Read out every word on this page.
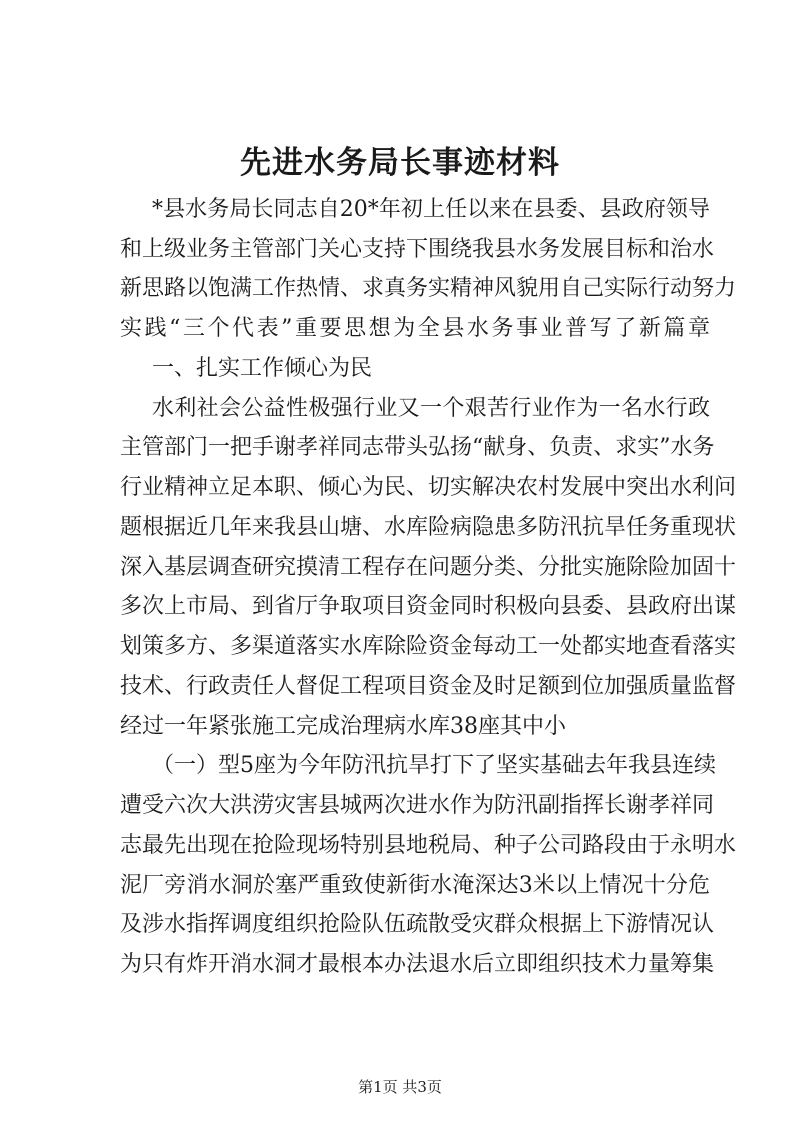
先进水务局长事迹材料
*县水务局长同志自20*年初上任以来在县委、县政府领导
和上级业务主管部门关心支持下围绕我县水务发展目标和治水
新思路以饱满工作热情、求真务实精神风貌用自己实际行动努力
实践“三个代表”重要思想为全县水务事业普写了新篇章
一、扎实工作倾心为民
水利社会公益性极强行业又一个艰苦行业作为一名水行政
主管部门一把手谢孝祥同志带头弘扬“献身、负责、求实”水务
行业精神立足本职、倾心为民、切实解决农村发展中突出水利问
题根据近几年来我县山塘、水库险病隐患多防汛抗旱任务重现状
深入基层调查研究摸清工程存在问题分类、分批实施除险加固十
多次上市局、到省厅争取项目资金同时积极向县委、县政府出谋
划策多方、多渠道落实水库除险资金每动工一处都实地查看落实
技术、行政责任人督促工程项目资金及时足额到位加强质量监督
经过一年紧张施工完成治理病水库38座其中小
（一）型5座为今年防汛抗旱打下了坚实基础去年我县连续
遭受六次大洪涝灾害县城两次进水作为防汛副指挥长谢孝祥同
志最先出现在抢险现场特别县地税局、种子公司路段由于永明水
泥厂旁消水洞於塞严重致使新街水淹深达3米以上情况十分危
及涉水指挥调度组织抢险队伍疏散受灾群众根据上下游情况认
为只有炸开消水洞才最根本办法退水后立即组织技术力量筹集
第1页 共3页
